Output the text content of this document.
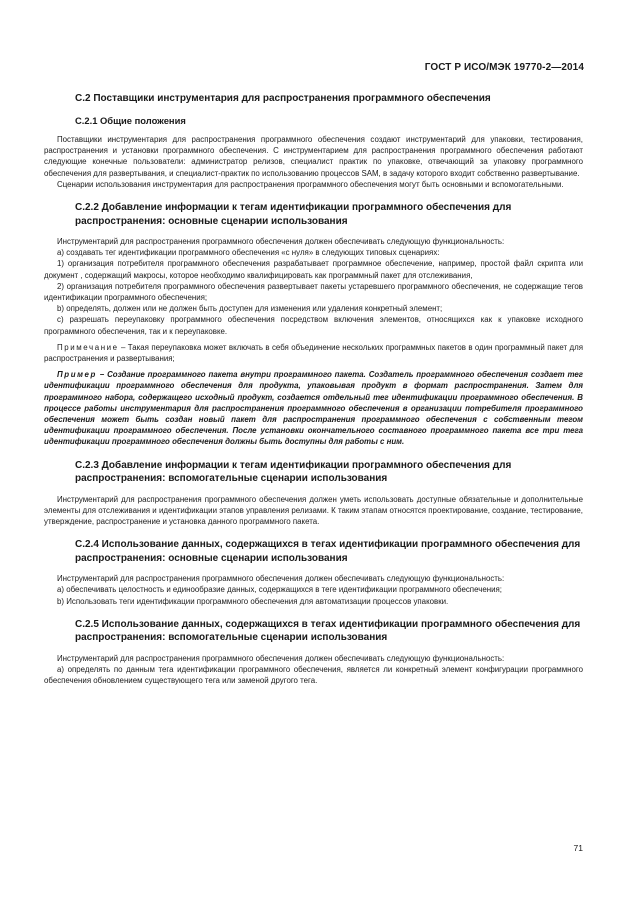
ГОСТ Р ИСО/МЭК 19770-2—2014
С.2 Поставщики инструментария для распространения программного обеспечения
С.2.1 Общие положения

Поставщики инструментария для распространения программного обеспечения создают инструментарий для упаковки, тестирования, распространения и установки программного обеспечения. С инструментарием для распространения программного обеспечения работают следующие конечные пользователи: администратор релизов, специалист практик по упаковке, отвечающий за упаковку программного обеспечения для развертывания, и специалист-практик по использованию процессов SAM, в задачу которого входит собственно развертывание.

Сценарии использования инструментария для распространения программного обеспечения могут быть основными и вспомогательными.

С.2.2 Добавление информации к тегам идентификации программного обеспечения для распространения: основные сценарии использования

Инструментарий для распространения программного обеспечения должен обеспечивать следующую функциональность:

а) создавать тег идентификации программного обеспечения «с нуля» в следующих типовых сценариях:

1) организация потребителя программного обеспечения разрабатывает программное обеспечение, например, простой файл скрипта или документ , содержащий макросы, которое необходимо квалифицировать как программный пакет для отслеживания,

2) организация потребителя программного обеспечения развертывает пакеты устаревшего программного обеспечения, не содержащие тегов идентификации программного обеспечения;

b) определять, должен или не должен быть доступен для изменения или удаления конкретный элемент;

с) разрешать переупаковку программного обеспечения посредством включения элементов, относящихся как к упаковке исходного программного обеспечения, так и к переупаковке.

Примечание – Такая переупаковка может включать в себя объединение нескольких программных пакетов в один программный пакет для распространения и развертывания;

Пример – Создание программного пакета внутри программного пакета. Создатель программного обеспечения создает тег идентификации программного обеспечения для продукта, упаковывая продукт в формат распространения. Затем для программного набора, содержащего исходный продукт, создается отдельный тег идентификации программного обеспечения. В процессе работы инструментария для распространения программного обеспечения в организации потребителя программного обеспечения может быть создан новый пакет для распространения программного обеспечения с собственным тегом идентификации программного обеспечения. После установки окончательного составного программного пакета все три тега идентификации программного обеспечения должны быть доступны для работы с ним.

С.2.3 Добавление информации к тегам идентификации программного обеспечения для распространения: вспомогательные сценарии использования

Инструментарий для распространения программного обеспечения должен уметь использовать доступные обязательные и дополнительные элементы для отслеживания и идентификации этапов управления релизами. К таким этапам относятся проектирование, создание, тестирование, утверждение, распространение и установка данного программного пакета.

С.2.4 Использование данных, содержащихся в тегах идентификации программного обеспечения для распространения: основные сценарии использования

Инструментарий для распространения программного обеспечения должен обеспечивать следующую функциональность:

а) обеспечивать целостность и единообразие данных, содержащихся в теге идентификации программного обеспечения;

b) Использовать теги идентификации программного обеспечения для автоматизации процессов упаковки.

С.2.5 Использование данных, содержащихся в тегах идентификации программного обеспечения для распространения: вспомогательные сценарии использования

Инструментарий для распространения программного обеспечения должен обеспечивать следующую функциональность:

а) определять по данным тега идентификации программного обеспечения, является ли конкретный элемент конфигурации программного обеспечения обновлением существующего тега или заменой другого тега.

71
